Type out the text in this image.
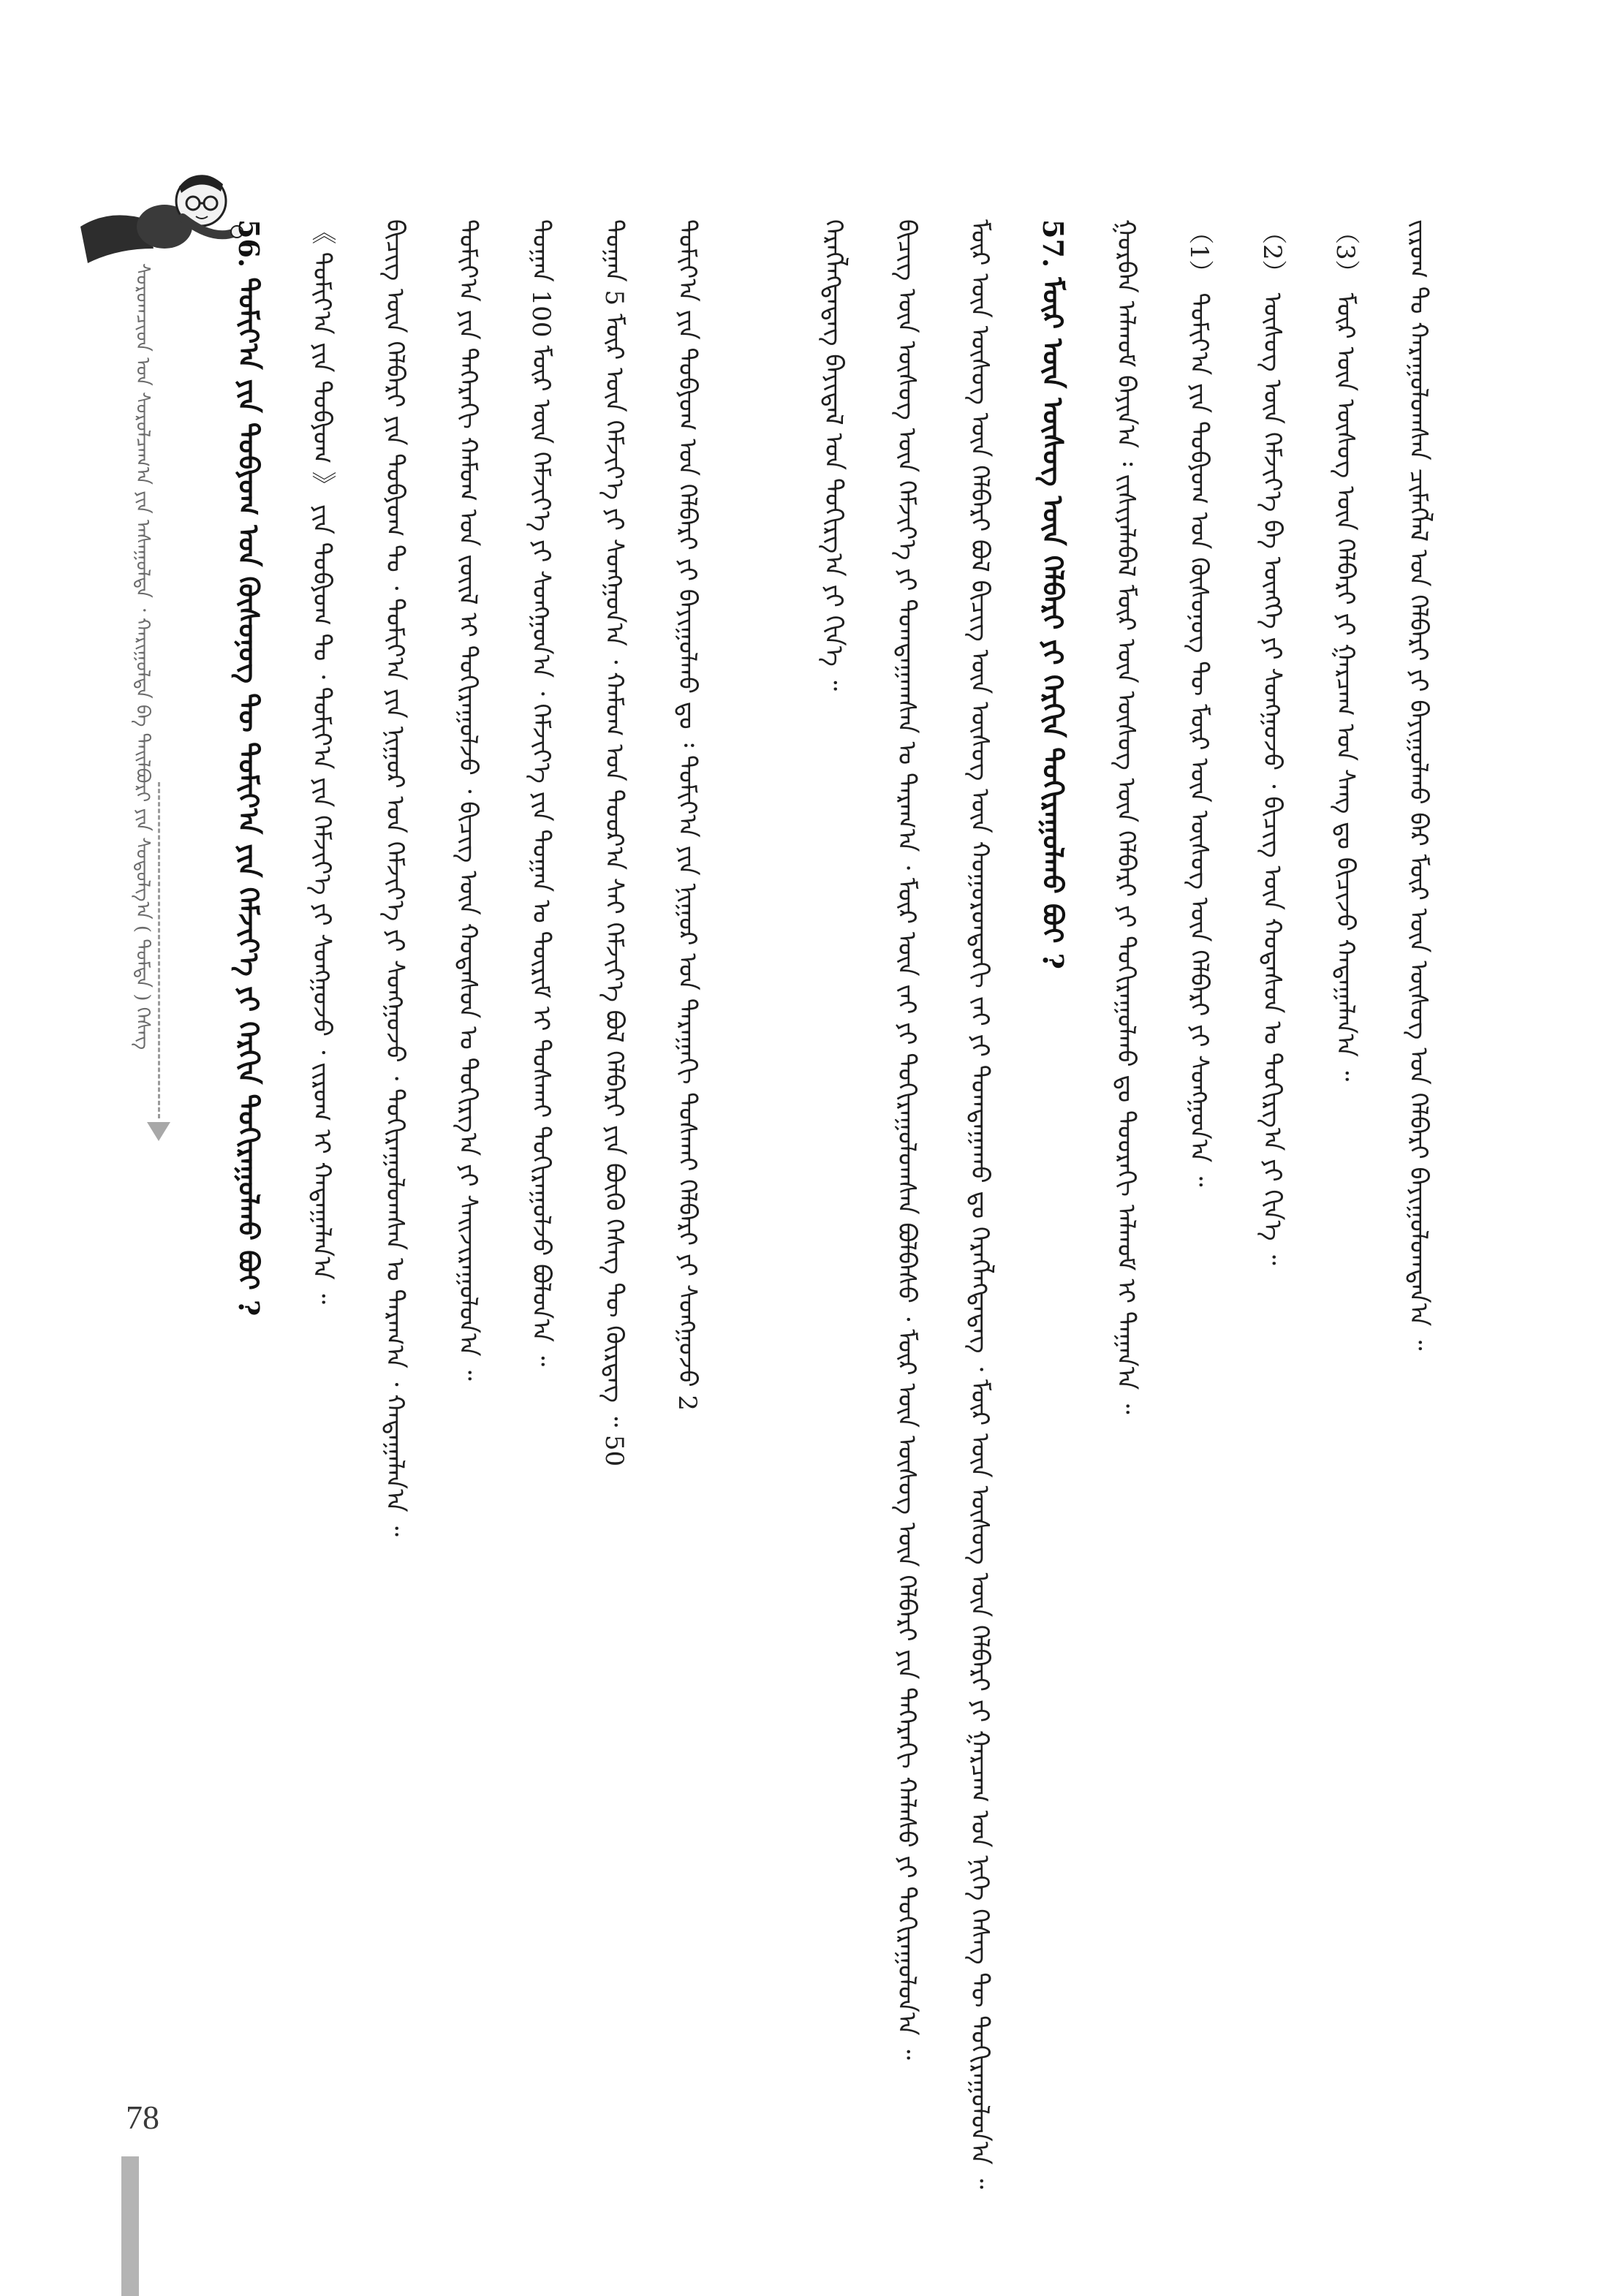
ᠰᠤᠷᠤᠭᠴᠢᠳ ᠤᠨ ᠰᠤᠷᠤᠯᠴᠠᠭ᠎ᠠ ᠶᠢᠨ ᠠᠰᠠᠭᠤᠯᠲᠠ ᠂ ᠬᠠᠷᠢᠭᠤᠯᠲᠠ ᠪᠠ ᠲᠠᠢᠯᠪᠤᠷᠢ ᠶᠢᠨ ᠰᠤᠳᠤᠯᠭ᠎ᠠ ( ᠳᠤᠮᠳᠠ ) ᠬᠡᠰᠡᠭ	ᠵᠢᠷᠤᠭ ᠲᠤ ᠬᠠᠷᠠᠭᠤᠯᠤᠭᠰᠠᠨ ᠴᠢᠮᠡᠭᠯᠡᠯ ᠤᠨ ᠬᠡᠯᠪᠡᠷᠢ ᠶᠢ ᠪᠠᠶᠢᠭᠤᠯᠬᠤ ᠪᠡᠷ ᠮᠥᠷ ᠦᠨ ᠦᠰᠦᠭ ᠤᠨ ᠬᠡᠯᠪᠡᠷᠢ ᠪᠠᠶᠢᠭᠤᠯᠤᠭᠳᠠᠨ᠎ᠠ ᠃
（3） ᠮᠥᠷ ᠦᠨ ᠦᠰᠦᠭ ᠦᠨ ᠬᠡᠯᠪᠡᠷᠢ ᠶᠢ ᠭᠠᠷᠴᠠᠭ ᠤᠨ ᠰᠠᠩ ᠳᠤ ᠪᠢᠴᠢᠵᠦ ᠬᠠᠳᠠᠭᠠᠯᠠᠨ᠎ᠠ ᠃
（2） ᠦᠰᠦᠭ ᠦᠨ ᠬᠡᠮᠵᠢᠶ᠎ᠡ ᠪᠠ ᠥᠩᠭᠡ ᠶᠢ ᠰᠣᠩᠭᠣᠵᠤ ᠂ ᠪᠢᠴᠢᠭ ᠦᠨ ᠬᠤᠳᠠᠰᠤᠨ ᠤ ᠲᠣᠬᠢᠷᠭ᠎ᠠ ᠶᠢ ᠬᠢᠨ᠎ᠡ ᠃
（1） ᠲᠣᠮᠢᠶ᠎ᠠ ᠶᠢᠨ ᠲᠣᠪᠶᠣᠭ ᠤᠨ ᠬᠦᠰᠦᠨᠦᠭ ᠲᠦ ᠮᠥᠷ ᠦᠨ ᠦᠰᠦᠭ ᠦᠨ ᠬᠡᠯᠪᠡᠷᠢ ᠶᠢ ᠰᠣᠩᠭᠣᠨ᠎ᠠ ᠃
ᠭᠤᠷᠪᠠᠨ ᠠᠯᠬᠤᠮ ᠪᠠᠶᠢᠨ᠎ᠠ ᠄ ᠵᠢᠱᠢᠶᠡᠯᠡᠪᠡᠯ ᠮᠥᠷ ᠦᠨ ᠦᠰᠦᠭ ᠦᠨ ᠬᠡᠯᠪᠡᠷᠢ ᠶᠢ ᠲᠣᠬᠢᠷᠠᠭᠤᠯᠬᠤ ᠳᠤ ᠳᠣᠣᠷᠠᠬᠢ ᠠᠯᠬᠤᠮ ᠢ ᠳᠠᠭᠠᠨ᠎ᠠ ᠃
57. ᠮᠥᠷ ᠦᠨ ᠦᠰᠦᠭ ᠦᠨ ᠬᠡᠯᠪᠡᠷᠢ ᠶᠢ ᠬᠡᠷᠬᠢᠨ ᠲᠣᠬᠢᠷᠠᠭᠤᠯᠬᠤ ᠪᠣᠢ ?
ᠮᠥᠷ ᠦᠨ ᠦᠰᠦᠭ ᠦᠨ ᠬᠡᠯᠪᠡᠷᠢ ᠪᠣᠯ ᠪᠢᠴᠢᠭ ᠦᠨ ᠦᠰᠦᠭ ᠦᠨ ᠬᠣᠭᠣᠷᠣᠨᠳᠣᠬᠢ ᠵᠠᠢ ᠶᠢ ᠲᠣᠭᠲᠠᠭᠠᠬᠤ ᠳᠤ ᠬᠡᠷᠡᠭᠯᠡᠭᠳᠡᠳᠡᠭ ᠂ ᠮᠥᠷ ᠦᠨ ᠦᠰᠦᠭ ᠦᠨ ᠬᠡᠯᠪᠡᠷᠢ ᠶᠢ ᠭᠠᠷᠴᠠᠭ ᠤᠨ ᠨᠢᠭᠡ ᠬᠡᠰᠡᠭ ᠲᠦ ᠲᠣᠬᠢᠷᠠᠭᠤᠯᠤᠨ᠎ᠠ ᠃
ᠪᠢᠴᠢᠭ ᠦᠨ ᠦᠰᠦᠭ ᠦᠨ ᠬᠡᠮᠵᠢᠶ᠎ᠡ ᠶᠢ ᠲᠣᠭᠲᠠᠭᠠᠭᠰᠠᠨ ᠤ ᠳᠠᠷᠠᠭ᠎ᠠ ᠂ ᠮᠥᠷ ᠦᠨ ᠵᠠᠢ ᠶᠢ ᠲᠣᠬᠢᠷᠠᠭᠤᠯᠤᠭᠰᠠᠨ ᠪᠣᠯᠪᠠᠰᠤ ᠂ ᠮᠥᠷ ᠦᠨ ᠦᠰᠦᠭ ᠦᠨ ᠬᠡᠯᠪᠡᠷᠢ ᠶᠢᠨ ᠳᠡᠭᠡᠷᠡᠬᠢ ᠬᠠᠯᠠᠰᠤ ᠶᠢ ᠲᠣᠬᠢᠷᠠᠭᠤᠯᠤᠨ᠎ᠠ ᠃
ᠬᠡᠷᠡᠭᠯᠡᠭᠳᠡᠳᠡᠭ ᠪᠠᠶᠢᠳᠠᠯ ᠤᠨ ᠲᠣᠬᠢᠷᠭ᠎ᠠ ᠶᠢ ᠬᠢᠨ᠎ᠡ ᠃
ᠲᠣᠮᠢᠶ᠎ᠠ ᠶᠢᠨ ᠲᠣᠪᠶᠣᠭ ᠤᠨ ᠬᠡᠯᠪᠡᠷᠢ ᠶᠢ ᠪᠠᠶᠢᠭᠤᠯᠬᠤ ᠳᠤ ᠄ ᠲᠣᠮᠢᠶ᠎ᠠ ᠶᠢᠨ ᠨᠢᠭᠤᠷ ᠤᠨ ᠳᠠᠷᠠᠭᠠᠬᠢ ᠲᠤᠰᠬᠠᠢ ᠬᠡᠯᠪᠡᠷᠢ ᠶᠢ ᠰᠣᠩᠭᠣᠵᠤ 2
ᠲᠣᠭᠠᠨ 5 ᠮᠦᠷ ᠦᠨ ᠬᠡᠮᠵᠢᠶ᠎ᠡ ᠶᠢ ᠰᠣᠩᠭᠣᠨ᠎ᠠ ᠂ ᠬᠠᠮᠤᠭ ᠤᠨ ᠳᠣᠣᠷ᠎ᠠ ᠰᠠᠢ ᠬᠡᠮᠵᠢᠶ᠎ᠡ ᠪᠣᠯ ᠬᠡᠯᠪᠡᠷᠢ ᠶᠢᠨ ᠪᠦᠬᠦ ᠬᠡᠰᠡᠭ ᠲᠦ ᠬᠦᠷᠳᠡᠭ ᠃ 50
ᠲᠣᠭᠠᠨ 100 ᠮᠦᠷ ᠦᠨ ᠬᠡᠮᠵᠢᠶ᠎ᠡ ᠶᠢ ᠰᠣᠩᠭᠣᠨ᠎ᠠ ᠂ ᠬᠡᠮᠵᠢᠶ᠎ᠡ ᠶᠢᠨ ᠲᠣᠭᠠᠨ ᠤ ᠳᠦᠷᠢᠮ ᠢ ᠲᠤᠰᠬᠠᠢ ᠲᠣᠬᠢᠷᠠᠭᠤᠯᠵᠤ ᠪᠣᠯᠣᠨ᠎ᠠ ᠃
ᠲᠣᠮᠢᠶ᠎ᠠ ᠶᠢᠨ ᠳᠡᠭᠡᠷᠡᠬᠢ ᠬᠠᠮᠤᠭ ᠤᠨ ᠵᠦᠢᠯ ᠢ ᠲᠣᠬᠢᠷᠠᠭᠤᠯᠵᠤ ᠂ ᠪᠢᠴᠢᠭ ᠦᠨ ᠬᠤᠳᠠᠰᠤᠨ ᠤ ᠲᠣᠬᠢᠷᠭ᠎ᠠ ᠶᠢ ᠰᠠᠢᠵᠢᠷᠠᠭᠤᠯᠤᠨ᠎ᠠ ᠃
ᠪᠢᠴᠢᠭ ᠦᠨ ᠬᠡᠯᠪᠡᠷᠢ ᠶᠢᠨ ᠲᠣᠪᠶᠣᠭ ᠲᠤ ᠂ ᠲᠣᠮᠢᠶ᠎ᠠ ᠶᠢᠨ ᠨᠢᠭᠤᠷ ᠤᠨ ᠬᠡᠮᠵᠢᠶ᠎ᠡ ᠶᠢ ᠰᠣᠩᠭᠣᠵᠤ ᠂ ᠲᠣᠬᠢᠷᠠᠭᠤᠯᠤᠭᠰᠠᠨ ᠤ ᠳᠠᠷᠠᠭ᠎ᠠ ᠂ ᠬᠠᠳᠠᠭᠠᠯᠠᠨ᠎ᠠ ᠃
《 ᠲᠣᠮᠢᠶ᠎ᠠ ᠶᠢᠨ ᠲᠣᠪᠶᠣᠭ 》 ᠶᠢᠨ ᠲᠣᠪᠶᠣᠭ ᠲᠤ ᠂ ᠲᠣᠮᠢᠶ᠎ᠠ ᠶᠢᠨ ᠬᠡᠮᠵᠢᠶ᠎ᠡ ᠶᠢ ᠰᠣᠩᠭᠣᠵᠤ ᠂ ᠵᠢᠷᠤᠭ ᠢ ᠬᠠᠳᠠᠭᠠᠯᠠᠨ᠎ᠠ ᠃
56. ᠲᠣᠮᠢᠶ᠎ᠠ ᠶᠢᠨ ᠲᠣᠪᠶᠣᠭ ᠤᠨ ᠬᠦᠰᠦᠨᠦᠭ ᠲᠦ ᠲᠣᠮᠢᠶ᠎ᠠ ᠶᠢᠨ ᠬᠡᠮᠵᠢᠶ᠎ᠡ ᠶᠢ ᠬᠡᠷᠬᠢᠨ ᠲᠣᠬᠢᠷᠠᠭᠤᠯᠬᠤ ᠪᠣᠢ ?
78
